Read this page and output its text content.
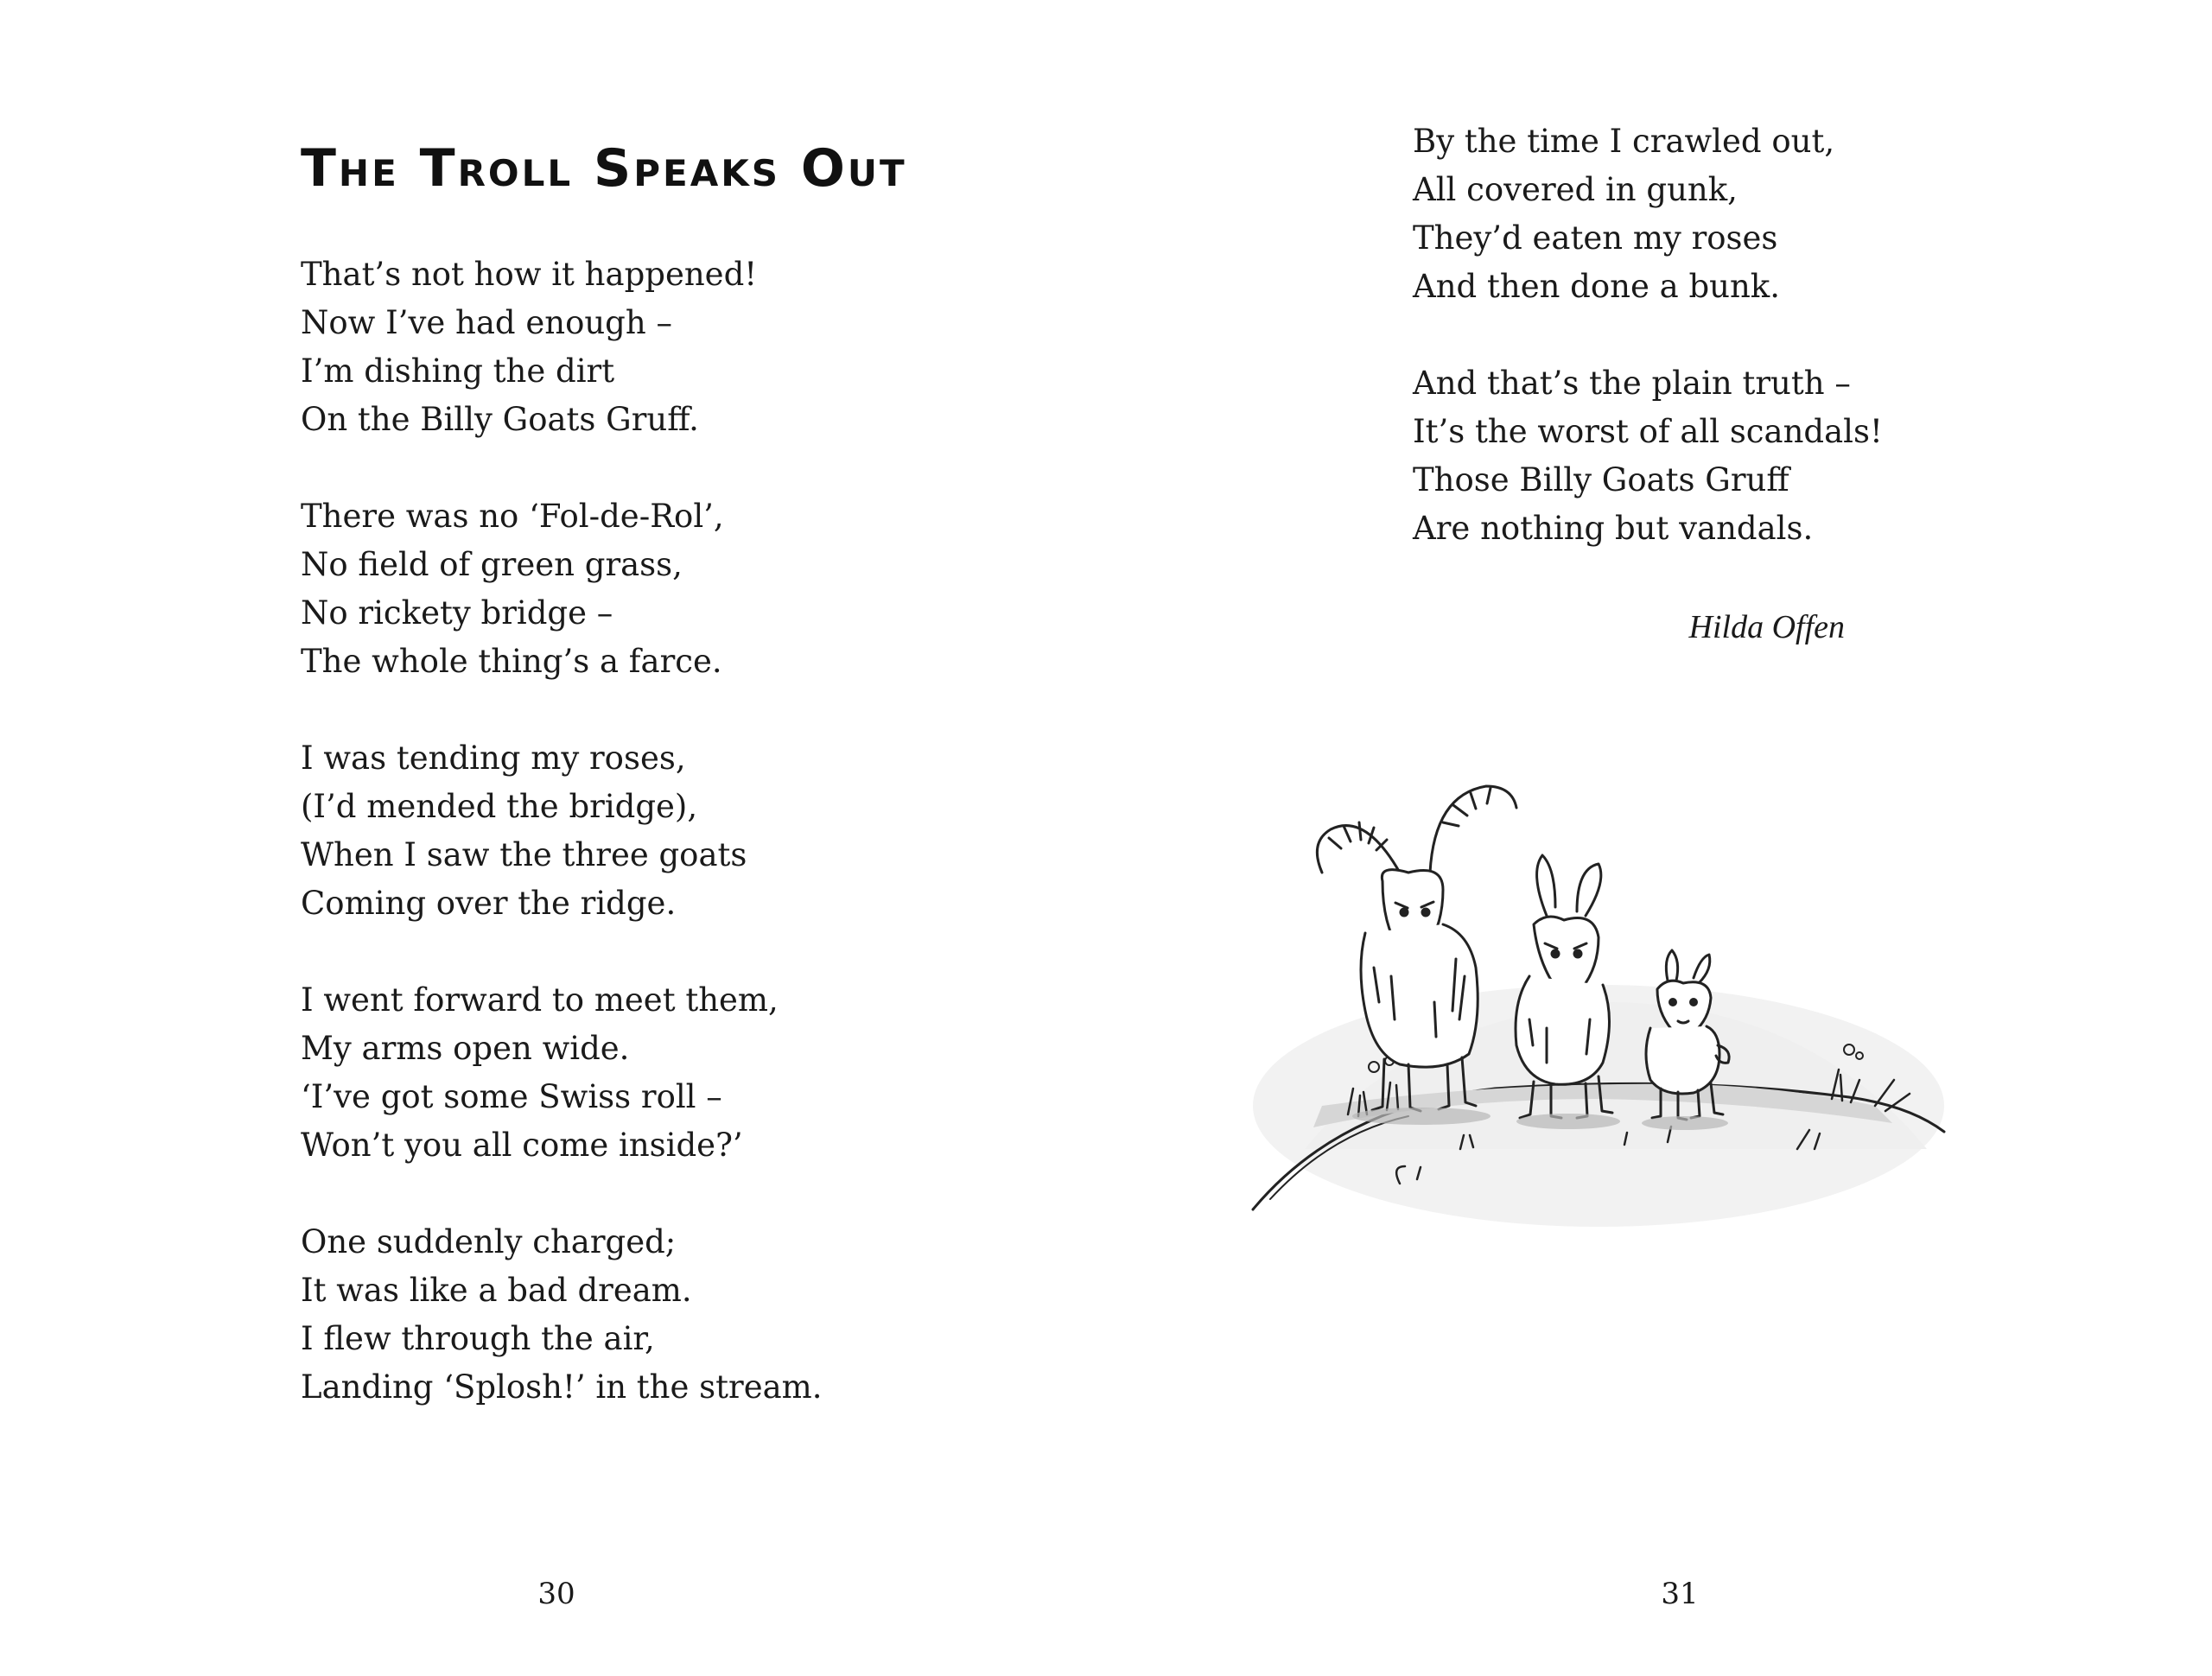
The Troll Speaks Out
That’s not how it happened!
Now I’ve had enough –
I’m dishing the dirt
On the Billy Goats Gruff.
There was no ‘Fol-de-Rol’,
No field of green grass,
No rickety bridge –
The whole thing’s a farce.
I was tending my roses,
(I’d mended the bridge),
When I saw the three goats
Coming over the ridge.
I went forward to meet them,
My arms open wide.
‘I’ve got some Swiss roll –
Won’t you all come inside?’
One suddenly charged;
It was like a bad dream.
I flew through the air,
Landing ‘Splosh!’ in the stream.
30
By the time I crawled out,
All covered in gunk,
They’d eaten my roses
And then done a bunk.
And that’s the plain truth –
It’s the worst of all scandals!
Those Billy Goats Gruff
Are nothing but vandals.
Hilda Offen
31
